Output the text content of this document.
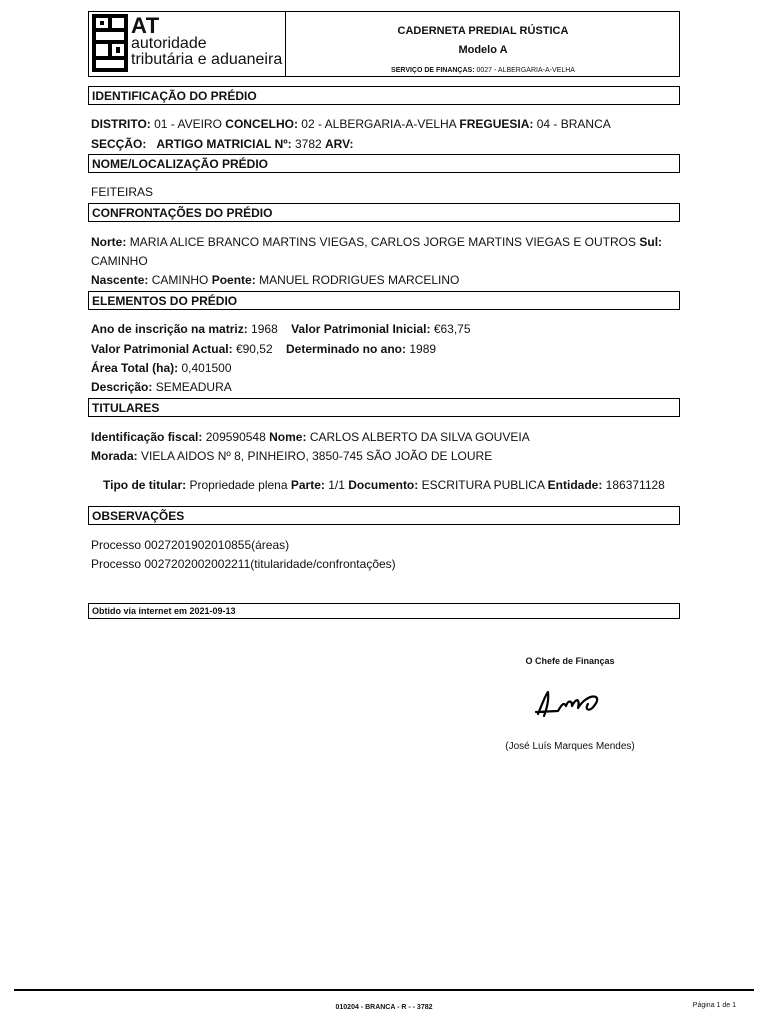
AT
autoridade
tributária e aduaneira
CADERNETA PREDIAL RÚSTICA
Modelo A
SERVIÇO DE FINANÇAS: 0027 - ALBERGARIA-A-VELHA
IDENTIFICAÇÃO DO PRÉDIO
DISTRITO: 01 - AVEIRO CONCELHO: 02 - ALBERGARIA-A-VELHA FREGUESIA: 04 - BRANCA
SECÇÃO: ARTIGO MATRICIAL Nº: 3782 ARV:
NOME/LOCALIZAÇÃO PRÉDIO
FEITEIRAS
CONFRONTAÇÕES DO PRÉDIO
Norte: MARIA ALICE BRANCO MARTINS VIEGAS, CARLOS JORGE MARTINS VIEGAS E OUTROS Sul:
CAMINHO
Nascente: CAMINHO Poente: MANUEL RODRIGUES MARCELINO
ELEMENTOS DO PRÉDIO
Ano de inscrição na matriz: 1968 Valor Patrimonial Inicial: €63,75
Valor Patrimonial Actual: €90,52 Determinado no ano: 1989
Área Total (ha): 0,401500
Descrição: SEMEADURA
TITULARES
Identificação fiscal: 209590548 Nome: CARLOS ALBERTO DA SILVA GOUVEIA
Morada: VIELA AIDOS Nº 8, PINHEIRO, 3850-745 SÃO JOÃO DE LOURE
Tipo de titular: Propriedade plena Parte: 1/1 Documento: ESCRITURA PUBLICA Entidade: 186371128
OBSERVAÇÕES
Processo 0027201902010855(áreas)
Processo 0027202002002211(titularidade/confrontações)
Obtido via internet em 2021-09-13
O Chefe de Finanças
(José Luís Marques Mendes)
010204 - BRANCA - R - - 3782	Página 1 de 1
